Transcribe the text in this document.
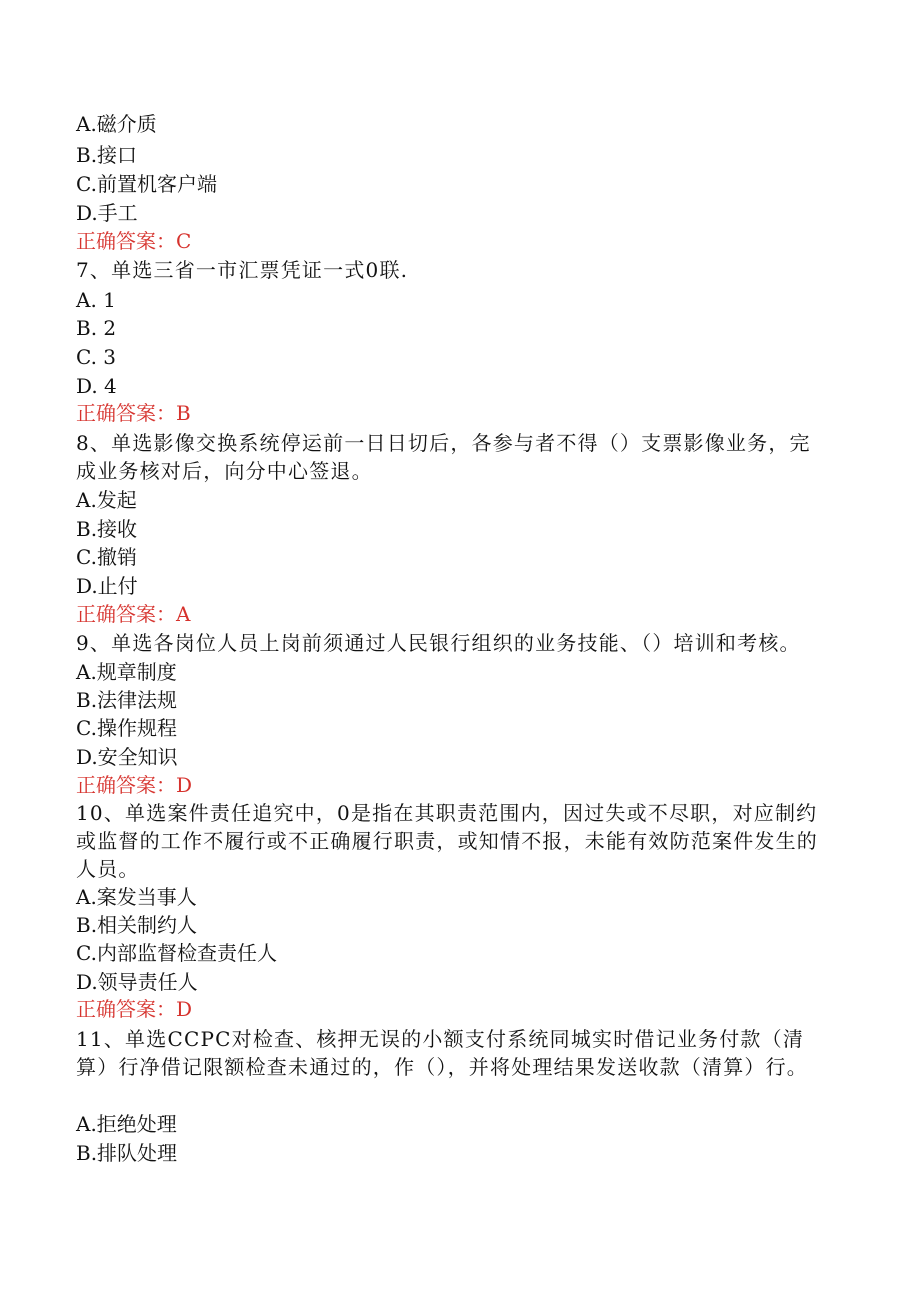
A.磁介质
B.接口
C.前置机客户端
D.手工
正确答案：C
7、单选三省一市汇票凭证一式0联.
A. 1
B. 2
C. 3
D. 4
正确答案：B
8、单选影像交换系统停运前一日日切后，各参与者不得（）支票影像业务，完成业务核对后，向分中心签退。
A.发起
B.接收
C.撤销
D.止付
正确答案：A
9、单选各岗位人员上岗前须通过人民银行组织的业务技能、（）培训和考核。
A.规章制度
B.法律法规
C.操作规程
D.安全知识
正确答案：D
10、单选案件责任追究中，0是指在其职责范围内，因过失或不尽职，对应制约或监督的工作不履行或不正确履行职责，或知情不报，未能有效防范案件发生的人员。
A.案发当事人
B.相关制约人
C.内部监督检查责任人
D.领导责任人
正确答案：D
11、单选CCPC对检查、核押无误的小额支付系统同城实时借记业务付款（清算）行净借记限额检查未通过的，作（），并将处理结果发送收款（清算）行。
A.拒绝处理
B.排队处理
